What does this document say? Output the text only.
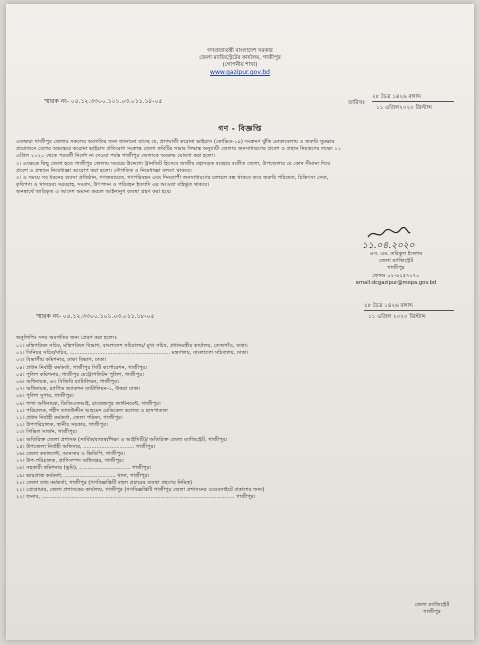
গণপ্রজাতন্ত্রী বাংলাদেশ সরকার
জেলা ম্যাজিস্ট্রেটের কার্যালয়, গাজীপুর
(গোপনীয় শাখা)
www.gazipur.gov.bd
স্মারক নং- ০৫.১২.৩৩০০.১০১.০৩.০১১.১৮-০৫	তারিখঃ
২৮ চৈত্র ১৪২৬ বঙ্গাব্দ
১১ এপ্রিল২০২০ খ্রিস্টাব্দ
গণ - বিজ্ঞপ্তি
এতদ্বারা গাজীপুর জেলার সকলের অবগতির জন্য জানানো যাচ্ছে যে, প্রাণঘাতী করোনা ভাইরাস (কোভিড-১৯) সংক্রমণ ঝুঁকি মোকাবেলায় ও জরুরি সুরক্ষার
প্রয়োজনে বেশের অভ্যন্তরে করোনা ভাইরাস প্রতিরোধ সংক্রান্ত জেলা কমিটির সভার সিদ্ধান্ত অনুযায়ী জেলায় জনসাধারণের প্রবেশ ও প্রস্থান নিয়ন্ত্রণের লক্ষ্যে ১১
এপ্রিল ২০২০ থেকে পরবর্তী নির্দেশ না দেওয়া পর্যন্ত গাজীপুর জেলাকে অবরুদ্ধ ঘোষণা করা হলো।
২। এক্ষেত্রে কিছু জেলা হতে গাজীপুর জেলায় সময়ের উদ্দেশ্যে ট্রানজিট হিসেবে জাতীয় মহাসড়ক ব্যবহার ব্যতীত জেলা, উপজেলার যে কোন সীমানা দিয়ে
প্রবেশ ও প্রস্থানে নিষেধাজ্ঞা আরোপ করা হলো। সৌগতিক ও নিষেধাজ্ঞা বলবৎ থাকবে।
৩। এ সময়ে সব ধরনের ব্যবসা প্রতিষ্ঠান, গণজমায়েত, গণপরিবহন এবং দিনব্যাপী জনসাধারণের চলাচল বন্ধ থাকবে তবে জরুরি পরিষেবা, চিকিৎসা সেবা,
কৃষিপণ্য ও খাদ্যদ্রব্য সরবরাহ, সংবাদ, উৎপাদন ও পরিবহন ইত্যাদি এর আওতা বহির্ভূত থাকবে।
জনস্বার্থে জারিকৃত এ আদেশ অমান্য করলে আইনানুগ ব্যবস্থা গ্রহণ করা হবে।
১১.০৪.২০২০
এস. এম. তরিকুল ইসলাম
জেলা ম্যাজিস্ট্রেট
গাজীপুর
ফোনঃ ০২-৯২৫৭০৭০
email:dcgazipur@mopa.gov.bd
স্মারক নং- ০৫.১২.৩৩০০.১০১.০৩.০১১.১৮-০৫
২৮ চৈত্র ১৪২৬ বঙ্গাব্দ
১১ এপ্রিল ২০২০ খ্রিস্টাব্দ
অনুলিপিঃ সদয় অবগতির জন্য প্রেরণ করা হলোঃ
০১। মন্ত্রিপরিষদ সচিব, মন্ত্রিপরিষদ বিভাগ, বাংলাদেশ সচিবালয়/ মুখ্য সচিব, প্রধানমন্ত্রীর কার্যালয়, তেজগাঁও, ঢাকা।
০২। সিনিয়র সচিব/সচিব, ............................................................. মন্ত্রণালয়, বাংলাদেশ সচিবালয়, ঢাকা।
০৩। বিভাগীয় কমিশনার, ঢাকা বিভাগ, ঢাকা।
০৪। প্রধান নির্বাহী কর্মকর্তা, গাজীপুর সিটি কর্পোরেশন, গাজীপুর।
০৫। পুলিশ কমিশনার, গাজীপুর মেট্রোপলিটন পুলিশ, গাজীপুর।
০৬। অধিনায়ক, ৬৩ বিজিবি ব্যাটালিয়ন, গাজীপুর।
০৭। অধিনায়ক, র‌্যাপিড অ্যাকশন ব্যাটালিয়ন-১, উত্তরা ঢাকা।
০৮। পুলিশ সুপার, গাজীপুর।
০৯। শাখা অধিনায়ক, ডিজিএফআই, রাজেন্দ্রপুর ক্যান্টনমেন্ট, গাজীপুর।
১০। পরিচালক, শহীদ তাজউদ্দীন আহমেদ মেডিকেল কলেজ ও হাসপাতাল
১১। প্রধান নির্বাহী কর্মকর্তা, জেলা পরিষদ, গাজীপুর।
১২। উপপরিচালক, স্থানীয় সরকার, গাজীপুর।
১৩। সিভিল সার্জন, গাজীপুর।
১৪। অতিরিক্ত জেলা প্রশাসক (সার্বিক/রাজস্ব/শিক্ষা ও আইসিটি)/ অতিরিক্ত জেলা ম্যাজিস্ট্রেট, গাজীপুর।
১৫। উপজেলা নির্বাহী অফিসার, ............................... গাজীপুর।
১৬। জেলা কমান্ড্যান্ট, আনসার ও ভিডিপি, গাজীপুর।
১৭। উপ-পরিচালক, প্রাণিসম্পদ অধিদপ্তর, গাজীপুর।
১৮। সহকারী কমিশনার (ভূমি), ............................... গাজীপুর।
১৯। ভারপ্রাপ্ত কর্মকর্তা, ............................... থানা, গাজীপুর।
২০। জেলা তথ্য কর্মকর্তা, গাজীপুর (গণবিজ্ঞপ্তিটি বহুল প্রচারের ব্যবস্থা গ্রহণের নিমিত্ত)
২১। প্রোগ্রামার, জেলা প্রশাসকের কার্যালয়, গাজীপুর (গণবিজ্ঞপ্তিটি গাজীপুর জেলা প্রশাসনের ওয়েবসাইটে প্রকাশের জন্য)
২২। জনাব, ..................................................................................................................... গাজীপুর।
জেলা ম্যাজিস্ট্রেট
গাজীপুর
